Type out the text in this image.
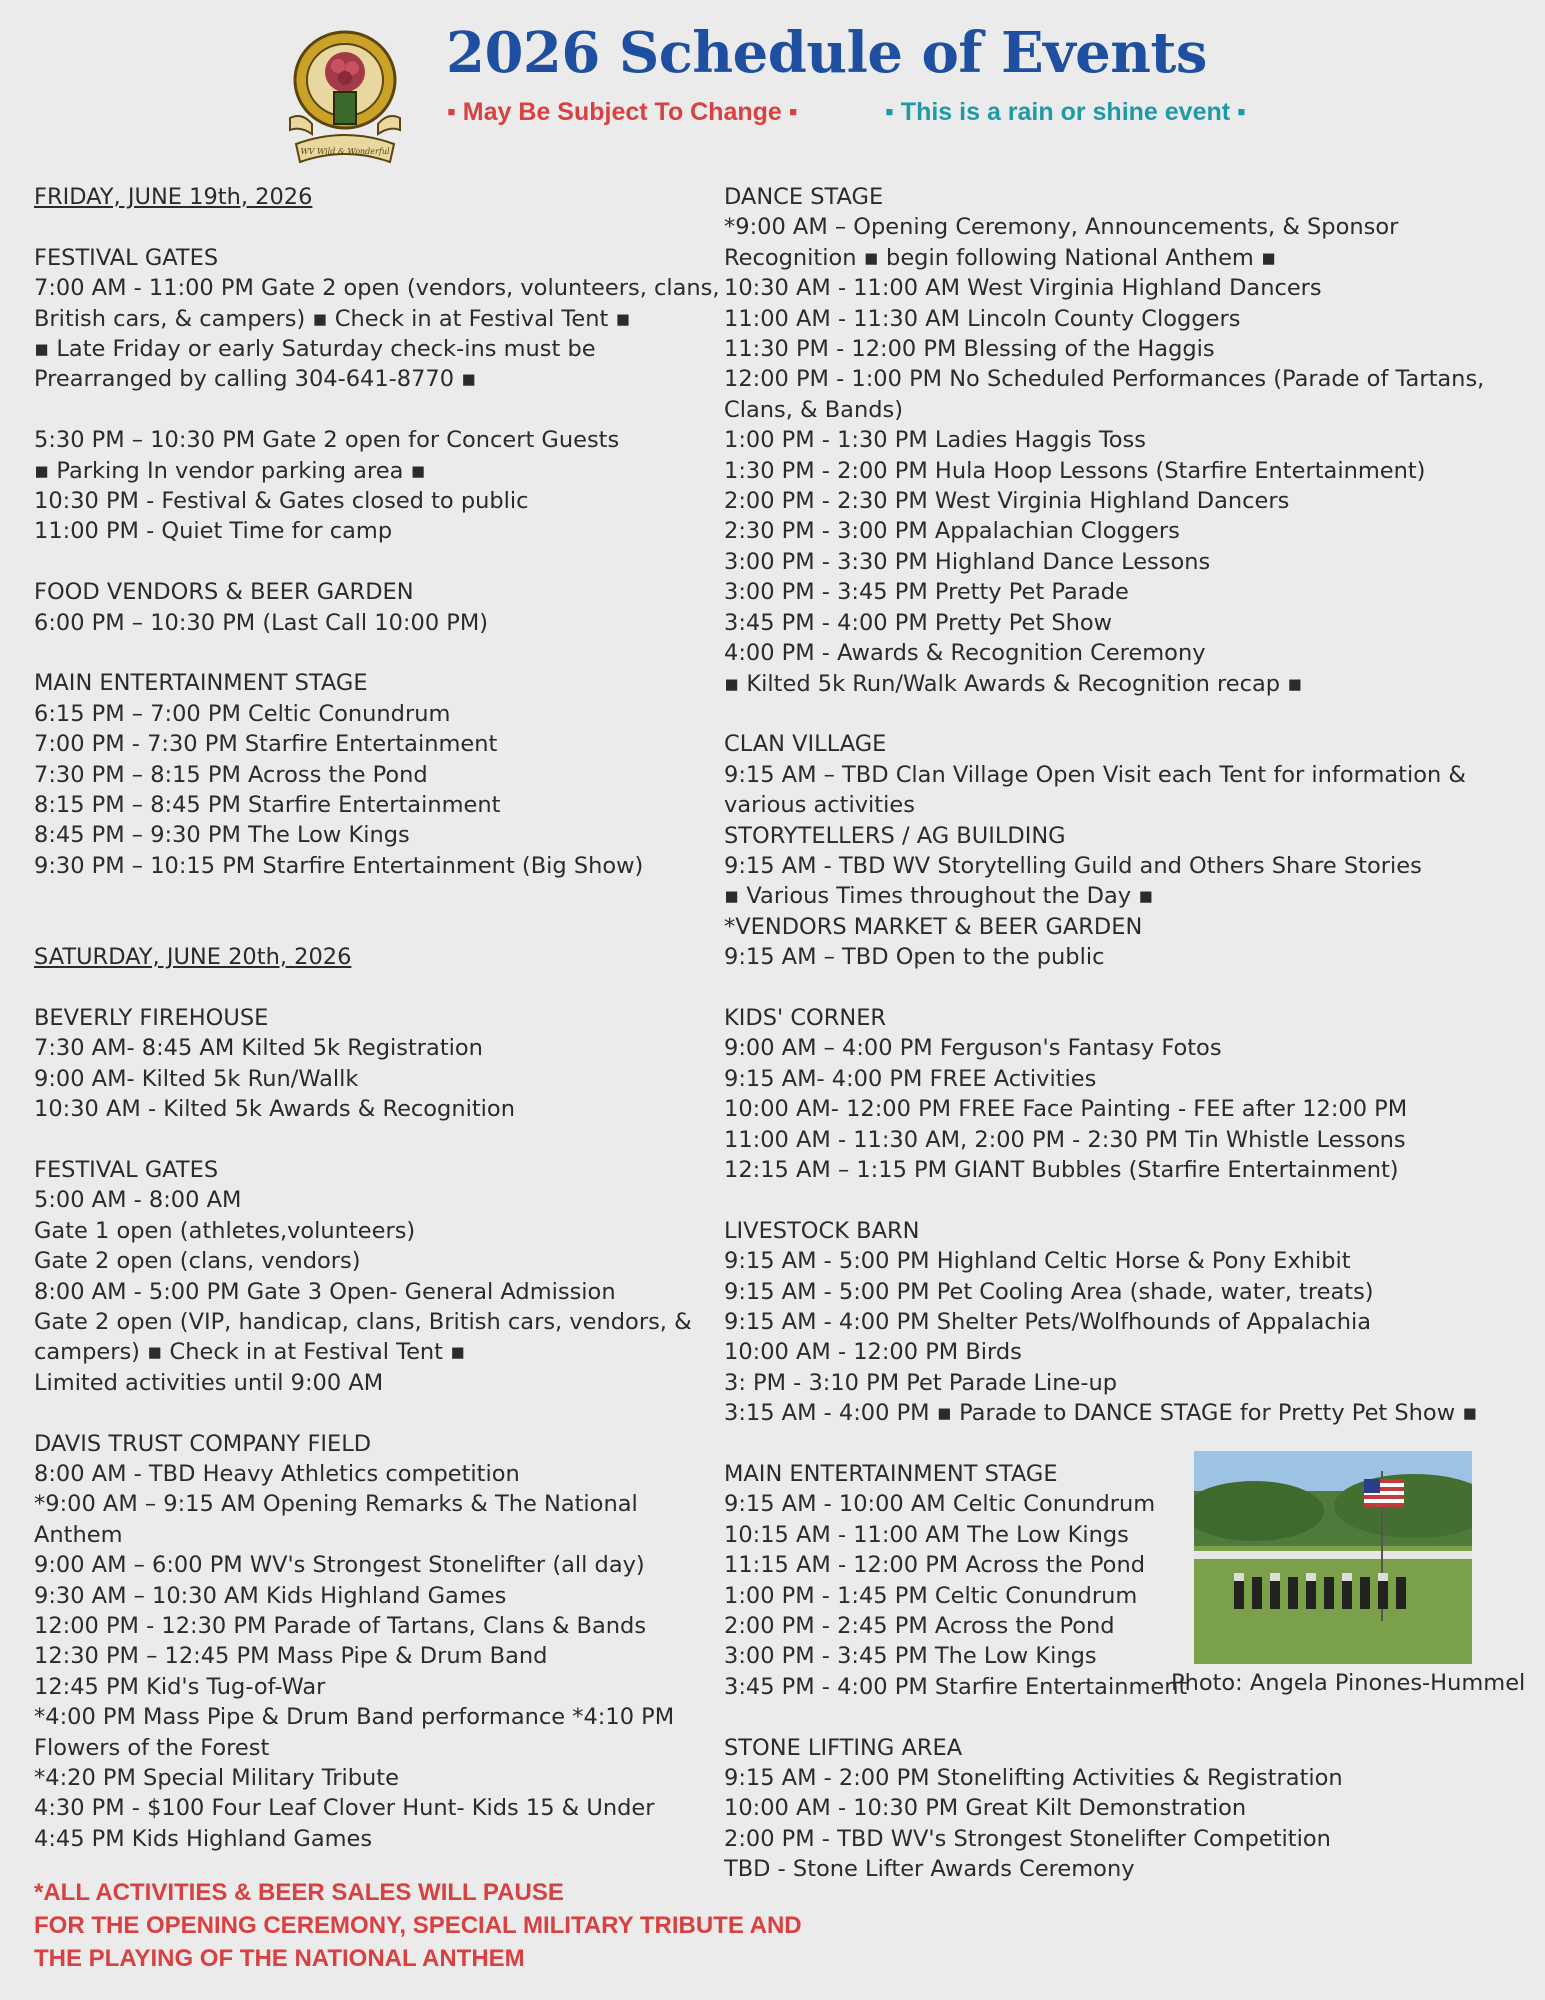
WV Wild & Wonderful
2026 Schedule of Events
▪ May Be Subject To Change ▪	▪ This is a rain or shine event ▪
FRIDAY, JUNE 19th, 2026
FESTIVAL GATES
7:00 AM - 11:00 PM Gate 2 open (vendors, volunteers, clans,
British cars, & campers) ▪ Check in at Festival Tent ▪
▪ Late Friday or early Saturday check-ins must be
Prearranged by calling 304-641-8770 ▪
5:30 PM – 10:30 PM Gate 2 open for Concert Guests
▪ Parking In vendor parking area ▪
10:30 PM - Festival & Gates closed to public
11:00 PM - Quiet Time for camp
FOOD VENDORS & BEER GARDEN
6:00 PM – 10:30 PM (Last Call 10:00 PM)
MAIN ENTERTAINMENT STAGE
6:15 PM – 7:00 PM Celtic Conundrum
7:00 PM - 7:30 PM Starfire Entertainment
7:30 PM – 8:15 PM Across the Pond
8:15 PM – 8:45 PM Starfire Entertainment
8:45 PM – 9:30 PM The Low Kings
9:30 PM – 10:15 PM Starfire Entertainment (Big Show)
SATURDAY, JUNE 20th, 2026
BEVERLY FIREHOUSE
7:30 AM- 8:45 AM Kilted 5k Registration
9:00 AM- Kilted 5k Run/Wallk
10:30 AM - Kilted 5k Awards & Recognition
FESTIVAL GATES
5:00 AM - 8:00 AM
Gate 1 open (athletes,volunteers)
Gate 2 open (clans, vendors)
8:00 AM - 5:00 PM Gate 3 Open- General Admission
Gate 2 open (VIP, handicap, clans, British cars, vendors, &
campers) ▪ Check in at Festival Tent ▪
Limited activities until 9:00 AM
DAVIS TRUST COMPANY FIELD
8:00 AM - TBD Heavy Athletics competition
*9:00 AM – 9:15 AM Opening Remarks & The National
Anthem
9:00 AM – 6:00 PM WV's Strongest Stonelifter (all day)
9:30 AM – 10:30 AM Kids Highland Games
12:00 PM - 12:30 PM Parade of Tartans, Clans & Bands
12:30 PM – 12:45 PM Mass Pipe & Drum Band
12:45 PM Kid's Tug-of-War
*4:00 PM Mass Pipe & Drum Band performance *4:10 PM
Flowers of the Forest
*4:20 PM Special Military Tribute
4:30 PM - $100 Four Leaf Clover Hunt- Kids 15 & Under
4:45 PM Kids Highland Games
DANCE STAGE
*9:00 AM – Opening Ceremony, Announcements, & Sponsor
Recognition ▪ begin following National Anthem ▪
10:30 AM - 11:00 AM West Virginia Highland Dancers
11:00 AM - 11:30 AM Lincoln County Cloggers
11:30 PM - 12:00 PM Blessing of the Haggis
12:00 PM - 1:00 PM No Scheduled Performances (Parade of Tartans,
Clans, & Bands)
1:00 PM - 1:30 PM Ladies Haggis Toss
1:30 PM - 2:00 PM Hula Hoop Lessons (Starfire Entertainment)
2:00 PM - 2:30 PM West Virginia Highland Dancers
2:30 PM - 3:00 PM Appalachian Cloggers
3:00 PM - 3:30 PM Highland Dance Lessons
3:00 PM - 3:45 PM Pretty Pet Parade
3:45 PM - 4:00 PM Pretty Pet Show
4:00 PM - Awards & Recognition Ceremony
▪ Kilted 5k Run/Walk Awards & Recognition recap ▪
CLAN VILLAGE
9:15 AM – TBD Clan Village Open Visit each Tent for information &
various activities
STORYTELLERS / AG BUILDING
9:15 AM - TBD WV Storytelling Guild and Others Share Stories
▪ Various Times throughout the Day ▪
*VENDORS MARKET & BEER GARDEN
9:15 AM – TBD Open to the public
KIDS' CORNER
9:00 AM – 4:00 PM Ferguson's Fantasy Fotos
9:15 AM- 4:00 PM FREE Activities
10:00 AM- 12:00 PM FREE Face Painting - FEE after 12:00 PM
11:00 AM - 11:30 AM, 2:00 PM - 2:30 PM Tin Whistle Lessons
12:15 AM – 1:15 PM GIANT Bubbles (Starfire Entertainment)
LIVESTOCK BARN
9:15 AM - 5:00 PM Highland Celtic Horse & Pony Exhibit
9:15 AM - 5:00 PM Pet Cooling Area (shade, water, treats)
9:15 AM - 4:00 PM Shelter Pets/Wolfhounds of Appalachia
10:00 AM - 12:00 PM Birds
3: PM - 3:10 PM Pet Parade Line-up
3:15 AM - 4:00 PM ▪ Parade to DANCE STAGE for Pretty Pet Show ▪
MAIN ENTERTAINMENT STAGE
9:15 AM - 10:00 AM Celtic Conundrum
10:15 AM - 11:00 AM The Low Kings
11:15 AM - 12:00 PM Across the Pond
1:00 PM - 1:45 PM Celtic Conundrum
2:00 PM - 2:45 PM Across the Pond
3:00 PM - 3:45 PM The Low Kings
3:45 PM - 4:00 PM Starfire Entertainment
STONE LIFTING AREA
9:15 AM - 2:00 PM Stonelifting Activities & Registration
10:00 AM - 10:30 PM Great Kilt Demonstration
2:00 PM - TBD WV's Strongest Stonelifter Competition
TBD - Stone Lifter Awards Ceremony
Photo: Angela Pinones-Hummel
*ALL ACTIVITIES & BEER SALES WILL PAUSE
FOR THE OPENING CEREMONY, SPECIAL MILITARY TRIBUTE AND
THE PLAYING OF THE NATIONAL ANTHEM
